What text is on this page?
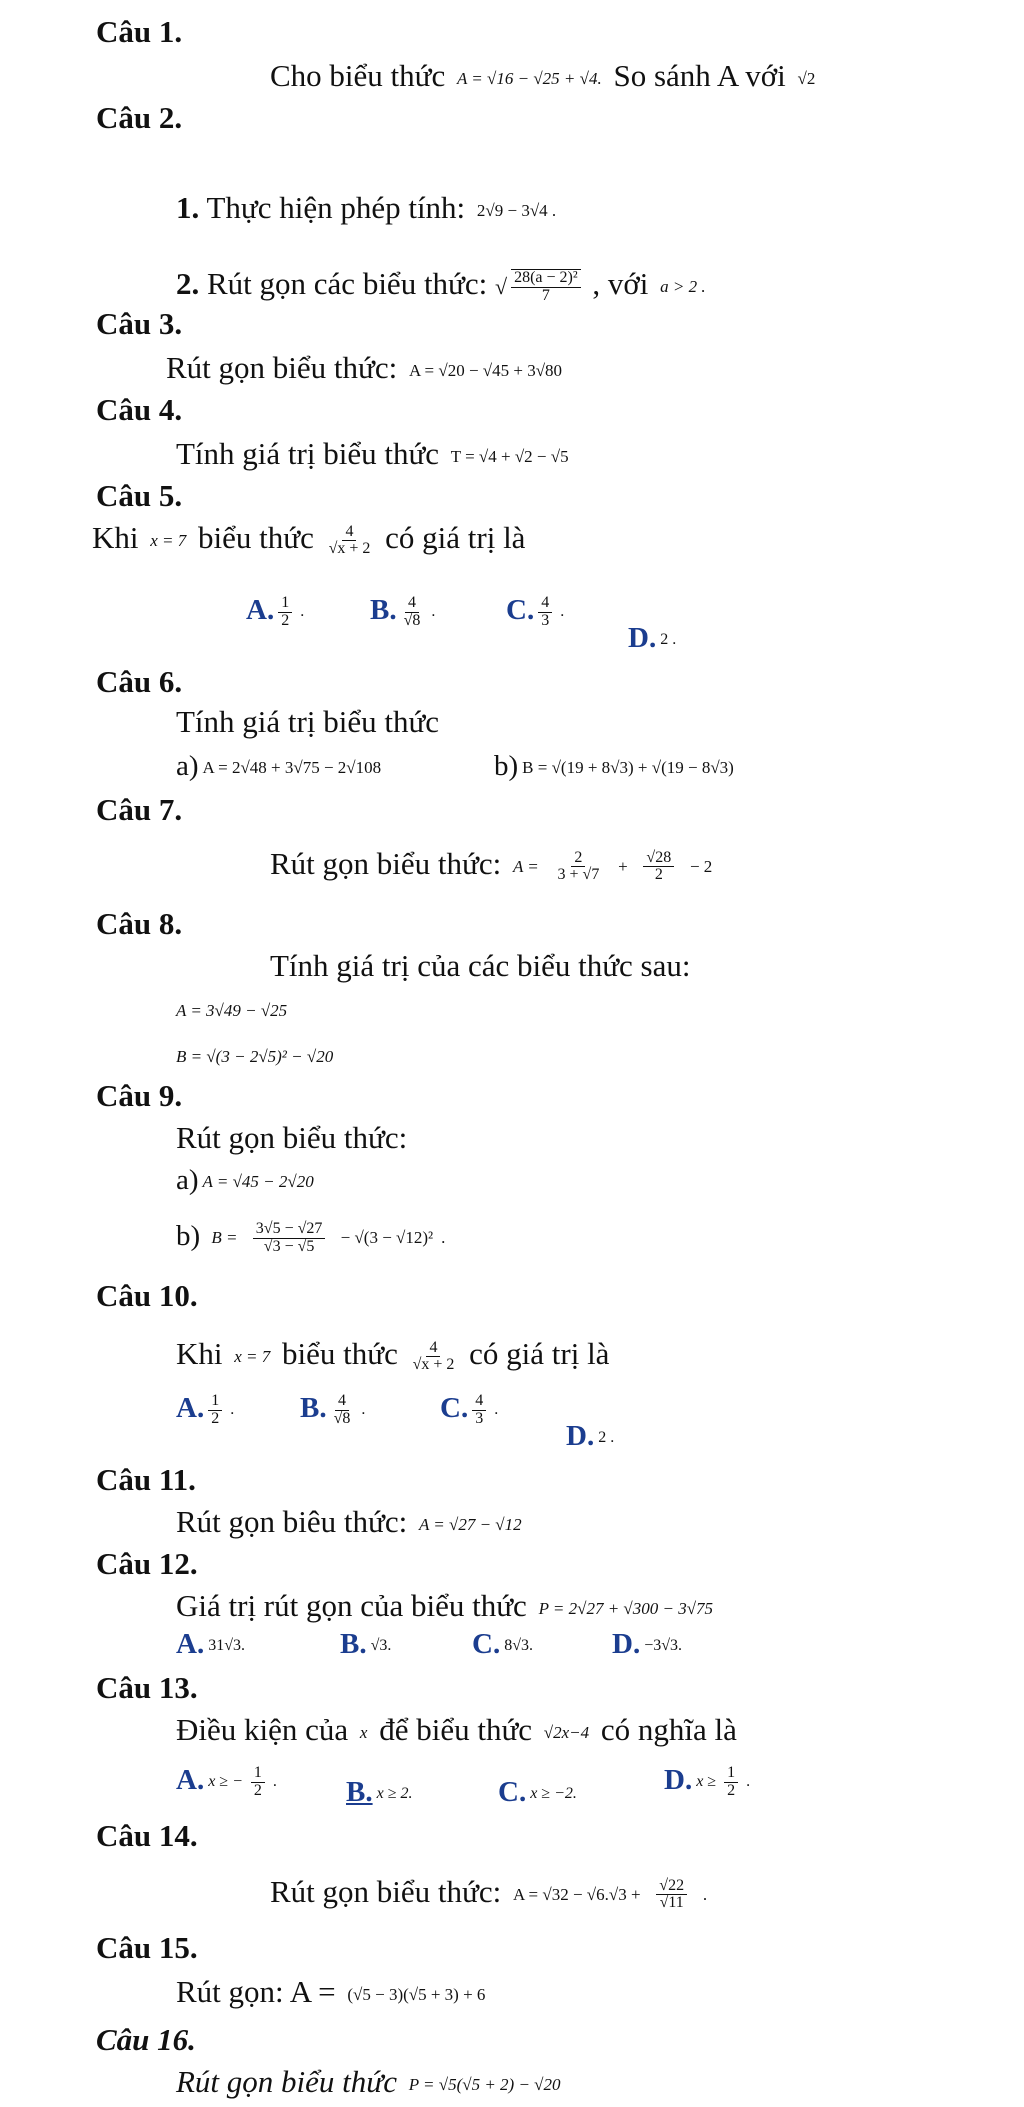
Câu 1.
Cho biểu thức A = √16 − √25 + √4. So sánh A với √2
Câu 2.
1. Thực hiện phép tính: 2√9 − 3√4 .
2. Rút gọn các biểu thức: √ $\frac{\text{28(a − 2)²}}{7}$ , với a > 2 .
Câu 3.
Rút gọn biểu thức: A = √20 − √45 + 3√80
Câu 4.
Tính giá trị biểu thức T = √4 + √2 − √5
Câu 5.
Khi x = 7 biểu thức $\frac{4}{√x + 2}$ có giá trị là
A. $\frac{1}{2}$ . B. $\frac{4}{√8}$ . C. $\frac{4}{3}$ .
D. 2 .
Câu 6.
Tính giá trị biểu thức
a) A = 2√48 + 3√75 − 2√108	b) B = √(19 + 8√3) + √(19 − 8√3)
Câu 7.
Rút gọn biểu thức: $A = \frac{2}{3 + √7} + \frac{√28}{2} - 2$
Câu 8.
Tính giá trị của các biểu thức sau:
A = 3√49 − √25
B = √(3 − 2√5)² − √20
Câu 9.
Rút gọn biểu thức:
a) A = √45 − 2√20
b) $B = \frac{3√5 - √27}{√3 - √5} - √(3 - √12)^2$ .
Câu 10.
Khi x = 7 biểu thức $\frac{4}{√x + 2}$ có giá trị là
A. $\frac{1}{2}$ . B. $\frac{4}{√8}$ .	C. $\frac{4}{3}$ .
D. 2 .
Câu 11.
Rút gọn biêu thức: A = √27 − √12
Câu 12.
Giá trị rút gọn của biểu thức P = 2√27 + √300 − 3√75
A. 31√3.	B. √3.	C. 8√3.	D. −3√3.
Câu 13.
Điều kiện của x để biểu thức √2x−4 có nghĩa là
A. x ≥ − $\frac{1}{2}$ . B. x ≥ 2.	C. x ≥ −2.	D. $x \ge \frac{1}{2}$ .
Câu 14.
Rút gọn biểu thức: $A = √32 - √6.√3 + \frac{√22}{√11}$ .
Câu 15.
Rút gọn: A = (√5 − 3)(√5 + 3) + 6
Câu 16.
Rút gọn biểu thức P = √5(√5 + 2) − √20
